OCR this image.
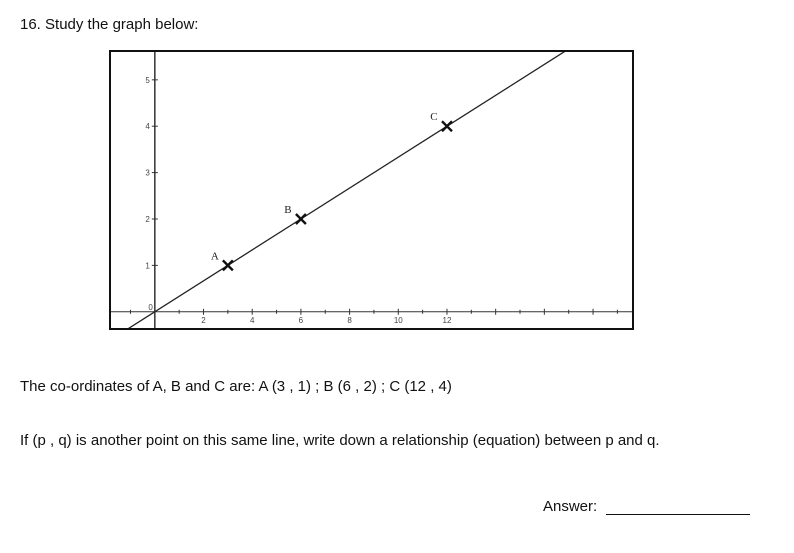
16. Study the graph below:
2	4	6	8	10	12
1
2
3
4
5
0
A
B
C
The co-ordinates of A, B and C are: A (3 , 1) ; B (6 , 2) ; C (12 , 4)
If (p , q) is another point on this same line, write down a relationship (equation) between p and q.
Answer:
